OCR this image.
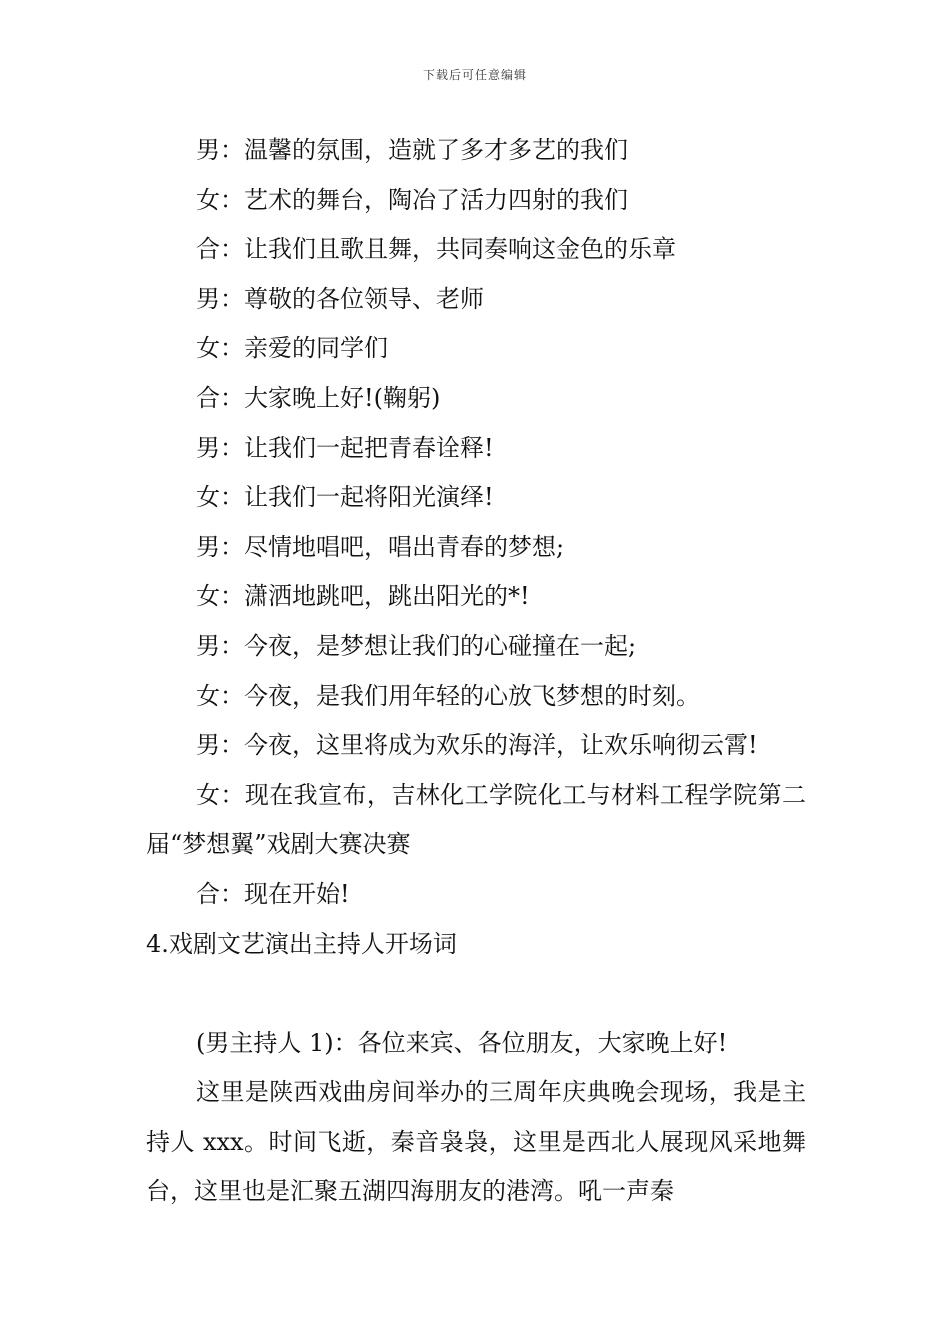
下载后可任意编辑

男：温馨的氛围，造就了多才多艺的我们

女：艺术的舞台，陶冶了活力四射的我们

合：让我们且歌且舞，共同奏响这金色的乐章

男：尊敬的各位领导、老师

女：亲爱的同学们

合：大家晚上好!(鞠躬)

男：让我们一起把青春诠释!

女：让我们一起将阳光演绎!

男：尽情地唱吧，唱出青春的梦想;

女：潇洒地跳吧，跳出阳光的*!

男：今夜，是梦想让我们的心碰撞在一起;

女：今夜，是我们用年轻的心放飞梦想的时刻。

男：今夜，这里将成为欢乐的海洋，让欢乐响彻云霄!

女：现在我宣布，吉林化工学院化工与材料工程学院第二届“梦想翼”戏剧大赛决赛

合：现在开始!

4.戏剧文艺演出主持人开场词

(男主持人 1)：各位来宾、各位朋友，大家晚上好!

这里是陕西戏曲房间举办的三周年庆典晚会现场，我是主持人 xxx。时间飞逝，秦音袅袅，这里是西北人展现风采地舞台，这里也是汇聚五湖四海朋友的港湾。吼一声秦
